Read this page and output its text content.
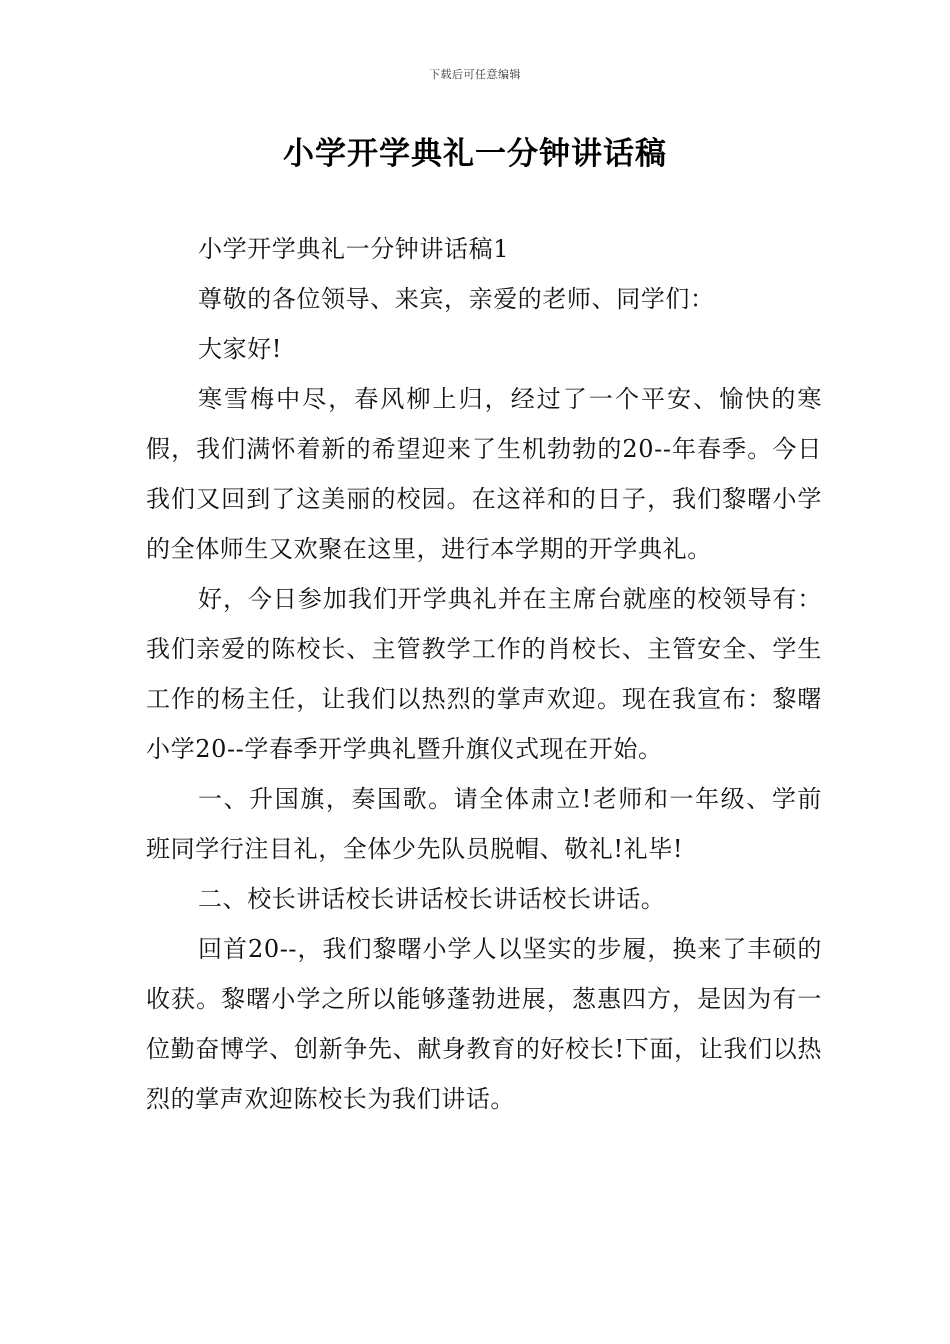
下载后可任意编辑
小学开学典礼一分钟讲话稿

小学开学典礼一分钟讲话稿1

尊敬的各位领导、来宾，亲爱的老师、同学们：

大家好!

寒雪梅中尽，春风柳上归，经过了一个平安、愉快的寒假，我们满怀着新的希望迎来了生机勃勃的20--年春季。今日我们又回到了这美丽的校园。在这祥和的日子，我们黎曙小学的全体师生又欢聚在这里，进行本学期的开学典礼。

好，今日参加我们开学典礼并在主席台就座的校领导有：我们亲爱的陈校长、主管教学工作的肖校长、主管安全、学生工作的杨主任，让我们以热烈的掌声欢迎。现在我宣布：黎曙小学20--学春季开学典礼暨升旗仪式现在开始。

一、升国旗，奏国歌。请全体肃立!老师和一年级、学前班同学行注目礼，全体少先队员脱帽、敬礼!礼毕!

二、校长讲话校长讲话校长讲话校长讲话。

回首20--，我们黎曙小学人以坚实的步履，换来了丰硕的收获。黎曙小学之所以能够蓬勃进展，葱惠四方，是因为有一位勤奋博学、创新争先、献身教育的好校长!下面，让我们以热烈的掌声欢迎陈校长为我们讲话。
